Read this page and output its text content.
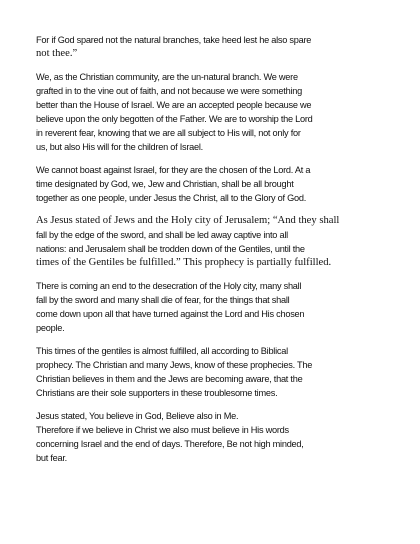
For if God spared not the natural branches, take heed lest he also spare
not thee.”
We, as the Christian community, are the un-natural branch. We were
grafted in to the vine out of faith, and not because we were something
better than the House of Israel. We are an accepted people because we
believe upon the only begotten of the Father. We are to worship the Lord
in reverent fear, knowing that we are all subject to His will, not only for
us, but also His will for the children of Israel.
We cannot boast against Israel, for they are the chosen of the Lord. At a
time designated by God, we, Jew and Christian, shall be all brought
together as one people, under Jesus the Christ, all to the Glory of God.
As Jesus stated of Jews and the Holy city of Jerusalem; “And they shall
fall by the edge of the sword, and shall be led away captive into all
nations: and Jerusalem shall be trodden down of the Gentiles, until the
times of the Gentiles be fulfilled.” This prophecy is partially fulfilled.
There is coming an end to the desecration of the Holy city, many shall
fall by the sword and many shall die of fear, for the things that shall
come down upon all that have turned against the Lord and His chosen
people.
This times of the gentiles is almost fulfilled, all according to Biblical
prophecy. The Christian and many Jews, know of these prophecies. The
Christian believes in them and the Jews are becoming aware, that the
Christians are their sole supporters in these troublesome times.
Jesus stated, You believe in God, Believe also in Me.
Therefore if we believe in Christ we also must believe in His words
concerning Israel and the end of days. Therefore, Be not high minded,
but fear.
